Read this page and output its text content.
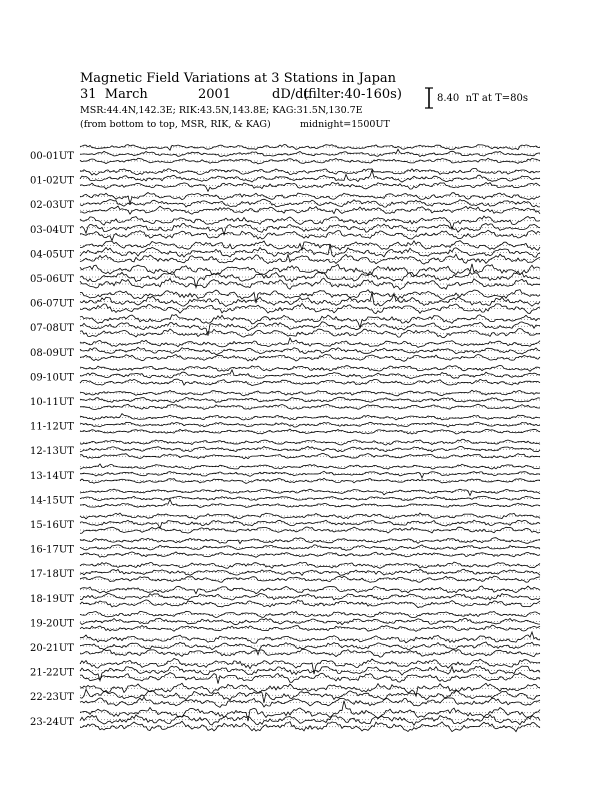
Magnetic Field Variations at 3 Stations in Japan
31  March	2001	dD/dt
(filter:40-160s)
MSR:44.4N,142.3E; RIK:43.5N,143.8E; KAG:31.5N,130.7E
(from bottom to top, MSR, RIK, & KAG)	midnight=1500UT
8.40  nT at T=80s
00-01UT
01-02UT
02-03UT
03-04UT
04-05UT
05-06UT
06-07UT
07-08UT
08-09UT
09-10UT
10-11UT
11-12UT
12-13UT
13-14UT
14-15UT
15-16UT
16-17UT
17-18UT
18-19UT
19-20UT
20-21UT
21-22UT
22-23UT
23-24UT
